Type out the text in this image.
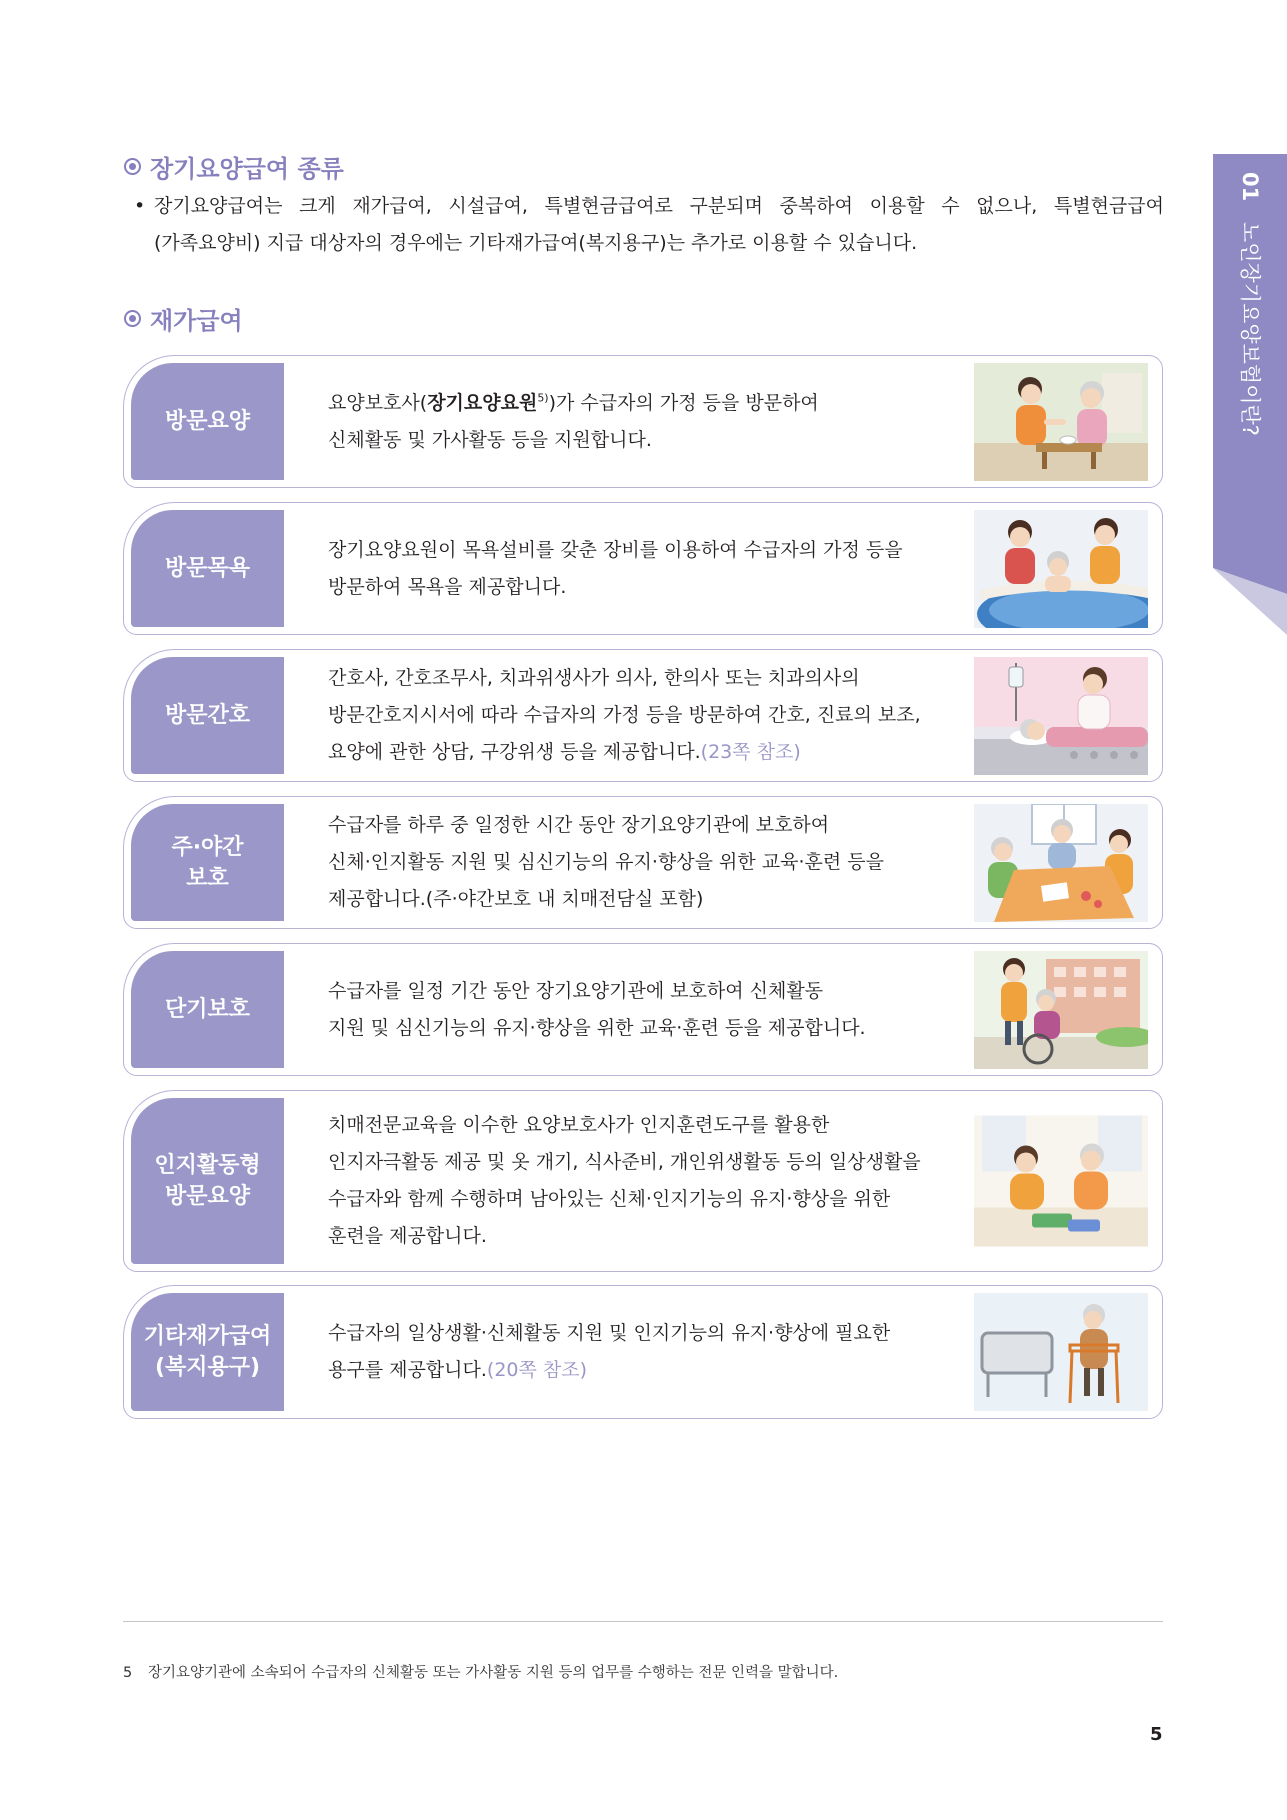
01 노인장기요양보험이란?
장기요양급여 종류
• 장기요양급여는 크게 재가급여, 시설급여, 특별현금급여로 구분되며 중복하여 이용할 수 없으나, 특별현금급여
(가족요양비) 지급 대상자의 경우에는 기타재가급여(복지용구)는 추가로 이용할 수 있습니다.
재가급여
방문요양
요양보호사(장기요양요원$^{5)}$)가 수급자의 가정 등을 방문하여
신체활동 및 가사활동 등을 지원합니다.
방문목욕
장기요양요원이 목욕설비를 갖춘 장비를 이용하여 수급자의 가정 등을
방문하여 목욕을 제공합니다.
방문간호
간호사, 간호조무사, 치과위생사가 의사, 한의사 또는 치과의사의
방문간호지시서에 따라 수급자의 가정 등을 방문하여 간호, 진료의 보조,
요양에 관한 상담, 구강위생 등을 제공합니다.(23쪽 참조)
주·야간
보호
수급자를 하루 중 일정한 시간 동안 장기요양기관에 보호하여
신체·인지활동 지원 및 심신기능의 유지·향상을 위한 교육·훈련 등을
제공합니다.(주·야간보호 내 치매전담실 포함)
단기보호
수급자를 일정 기간 동안 장기요양기관에 보호하여 신체활동
지원 및 심신기능의 유지·향상을 위한 교육·훈련 등을 제공합니다.
인지활동형
방문요양
치매전문교육을 이수한 요양보호사가 인지훈련도구를 활용한
인지자극활동 제공 및 옷 개기, 식사준비, 개인위생활동 등의 일상생활을
수급자와 함께 수행하며 남아있는 신체·인지기능의 유지·향상을 위한
훈련을 제공합니다.
기타재가급여
(복지용구)
수급자의 일상생활·신체활동 지원 및 인지기능의 유지·향상에 필요한
용구를 제공합니다.(20쪽 참조)
5 장기요양기관에 소속되어 수급자의 신체활동 또는 가사활동 지원 등의 업무를 수행하는 전문 인력을 말합니다.
5
